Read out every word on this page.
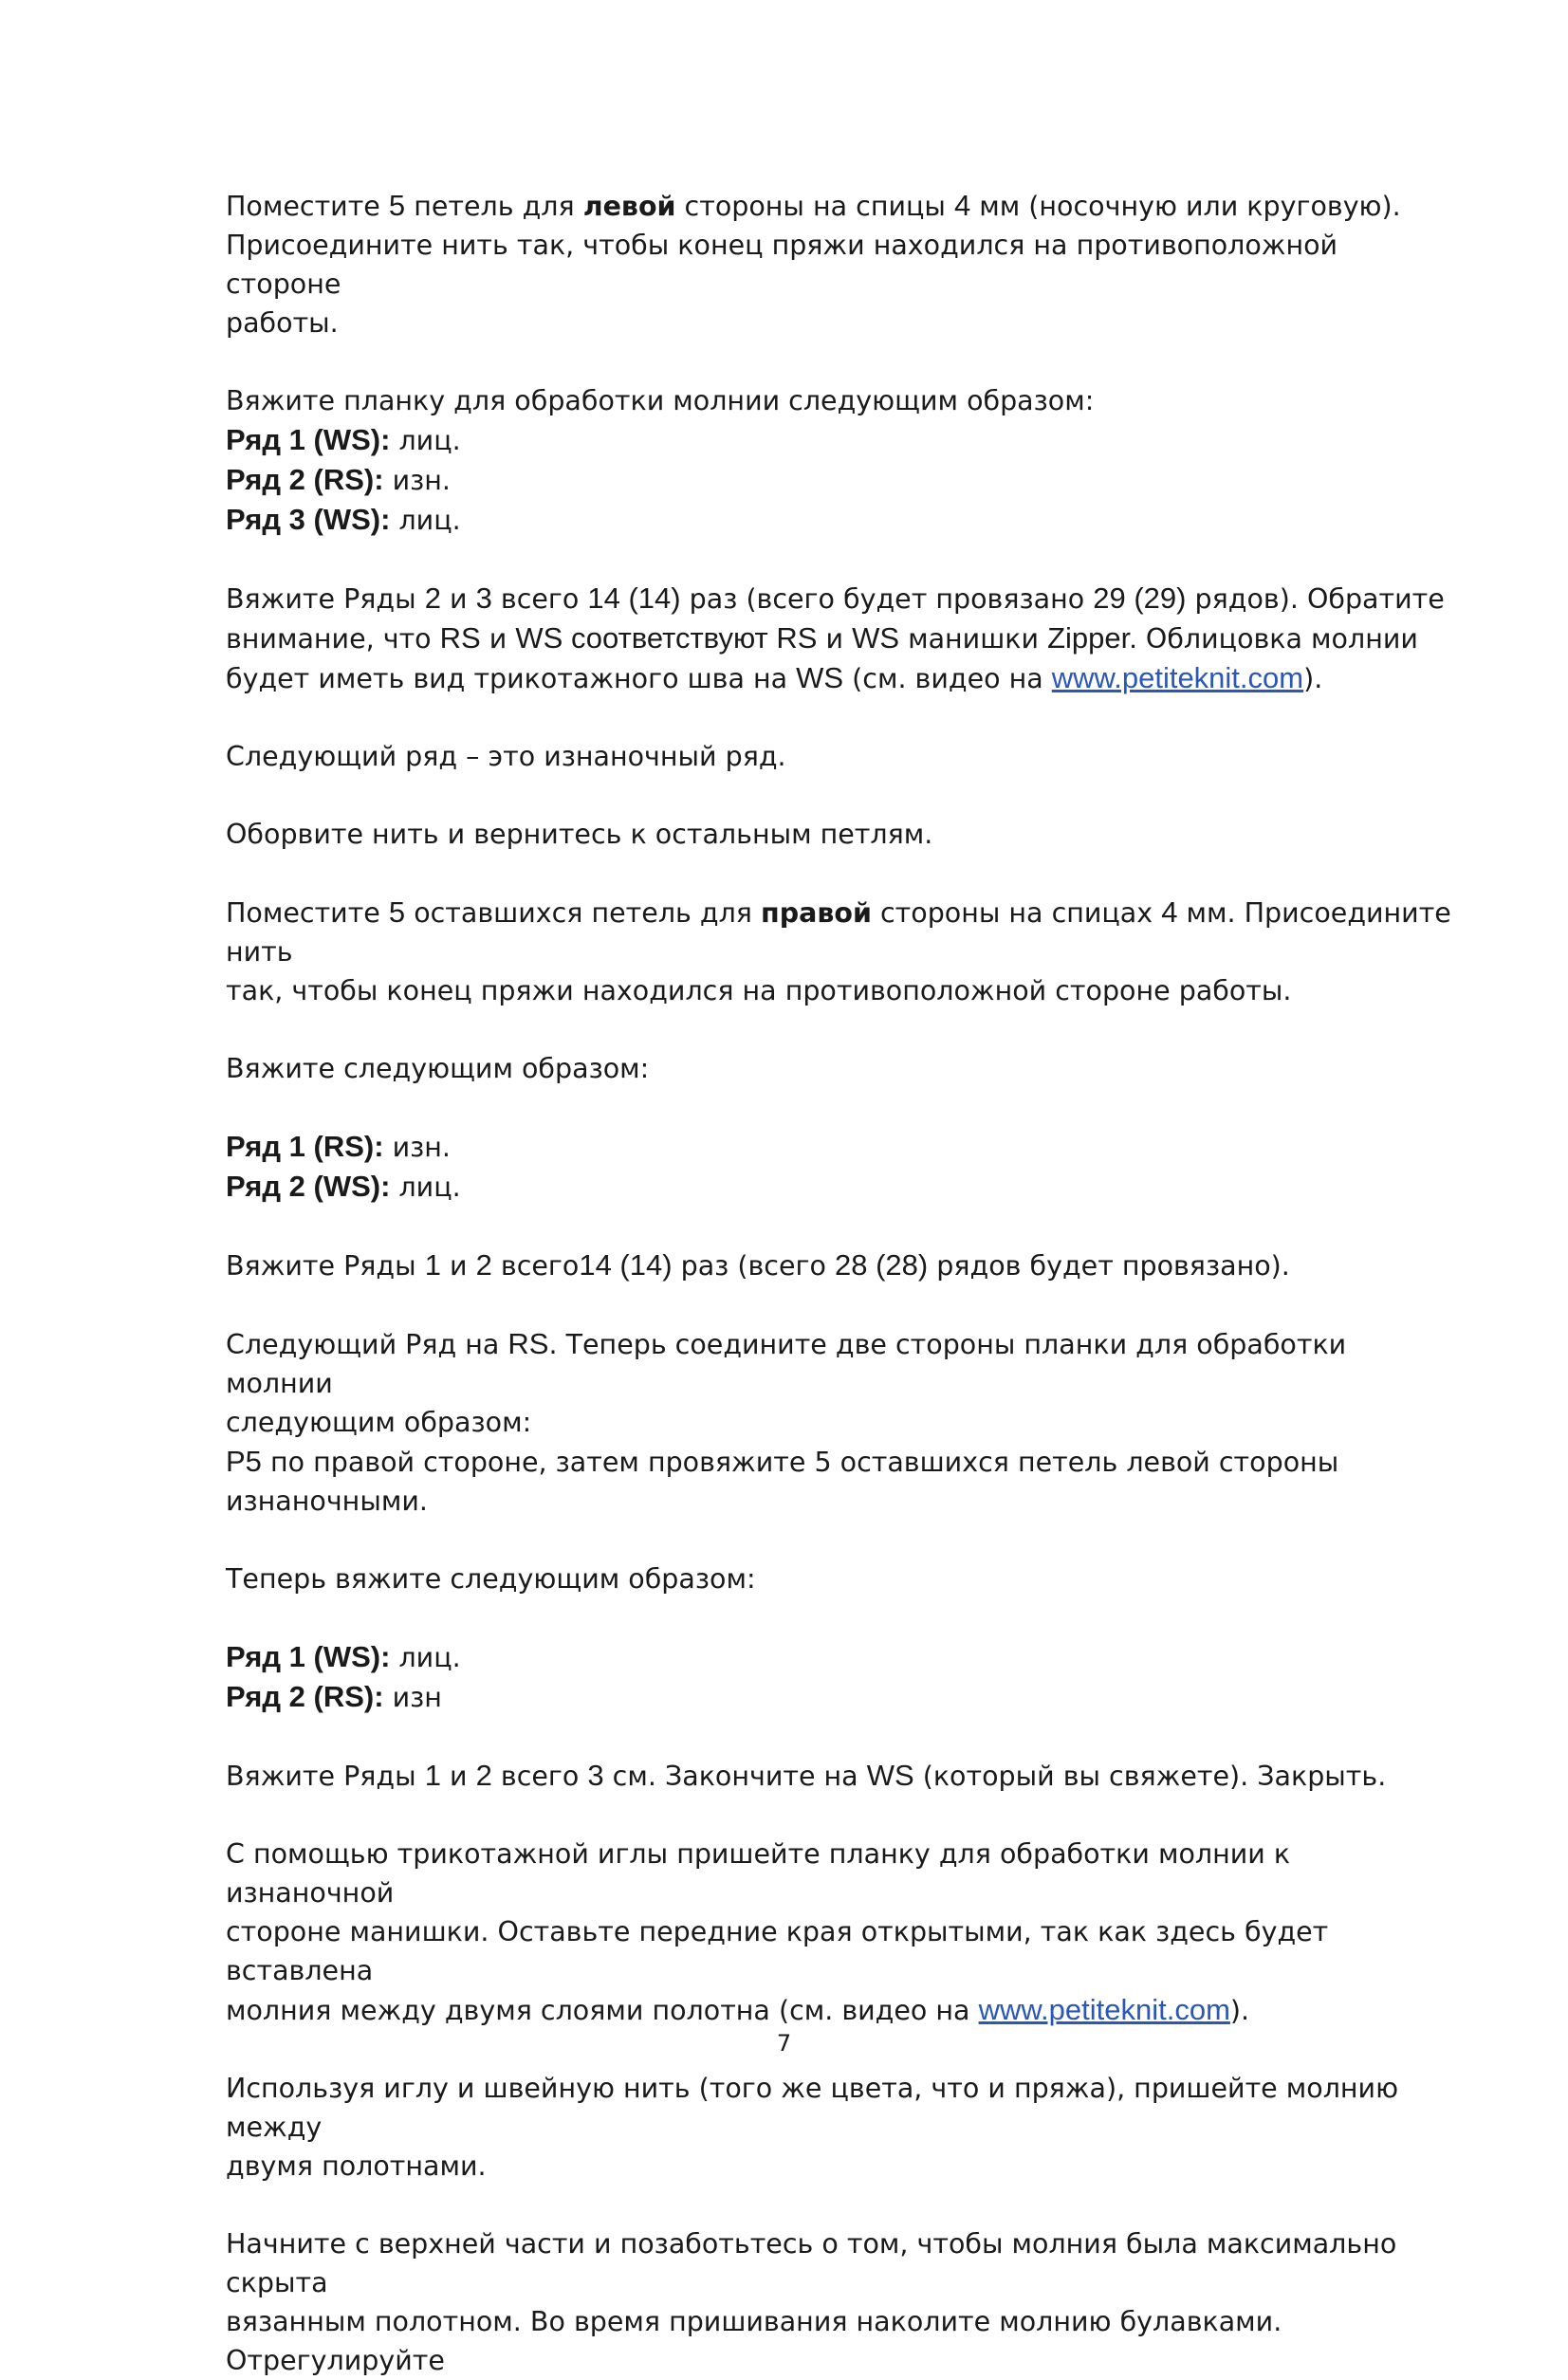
Поместите 5 петель для левой стороны на спицы 4 мм (носочную или круговую).
Присоедините нить так, чтобы конец пряжи находился на противоположной стороне
работы.

Вяжите планку для обработки молнии следующим образом:
Ряд 1 (WS): лиц.
Ряд 2 (RS): изн.
Ряд 3 (WS): лиц.

Вяжите Ряды 2 и 3 всего 14 (14) раз (всего будет провязано 29 (29) рядов). Обратите
внимание, что RS и WS соответствуют RS и WS манишки Zipper. Облицовка молнии
будет иметь вид трикотажного шва на WS (см. видео на www.petiteknit.com).

Следующий ряд – это изнаночный ряд.

Оборвите нить и вернитесь к остальным петлям.

Поместите 5 оставшихся петель для правой стороны на спицах 4 мм. Присоедините нить
так, чтобы конец пряжи находился на противоположной стороне работы.

Вяжите следующим образом:

Ряд 1 (RS): изн.
Ряд 2 (WS): лиц.

Вяжите Ряды 1 и 2 всего14 (14) раз (всего 28 (28) рядов будет провязано).

Следующий Ряд на RS. Теперь соедините две стороны планки для обработки молнии
следующим образом:
P5 по правой стороне, затем провяжите 5 оставшихся петель левой стороны
изнаночными.

Теперь вяжите следующим образом:

Ряд 1 (WS): лиц.
Ряд 2 (RS): изн

Вяжите Ряды 1 и 2 всего 3 см. Закончите на WS (который вы свяжете). Закрыть.

С помощью трикотажной иглы пришейте планку для обработки молнии к изнаночной
стороне манишки. Оставьте передние края открытыми, так как здесь будет вставлена
молния между двумя слоями полотна (см. видео на www.petiteknit.com).

Используя иглу и швейную нить (того же цвета, что и пряжа), пришейте молнию между
двумя полотнами.

Начните с верхней части и позаботьтесь о том, чтобы молния была максимально скрыта
вязанным полотном. Во время пришивания наколите молнию булавками. Отрегулируйте

7
